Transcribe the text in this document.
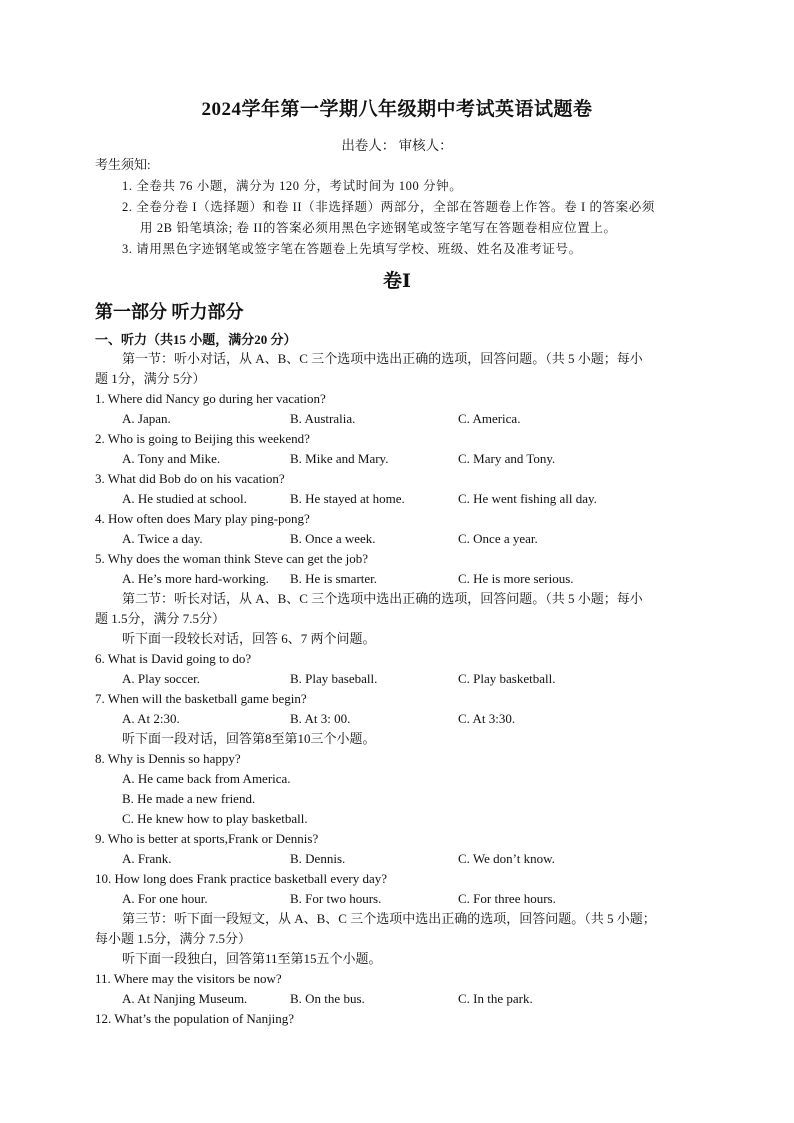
2024学年第一学期八年级期中考试英语试题卷
出卷人： 审核人：
考生须知:
1. 全卷共 76 小题，满分为 120 分，考试时间为 100 分钟。
2. 全卷分卷 I（选择题）和卷 II（非选择题）两部分，全部在答题卷上作答。卷 I 的答案必须
用 2B 铅笔填涂; 卷 II的答案必须用黑色字迹钢笔或签字笔写在答题卷相应位置上。
3. 请用黑色字迹钢笔或签字笔在答题卷上先填写学校、班级、姓名及准考证号。
卷Ⅰ
第一部分 听力部分
一、听力（共15 小题，满分20 分）
第一节：听小对话，从 A、B、C 三个选项中选出正确的选项，回答问题。（共 5 小题；每小
题 1分，满分 5分）
1. Where did Nancy go during her vacation?
A. Japan.	B. Australia.	C. America.
2. Who is going to Beijing this weekend?
A. Tony and Mike.	B. Mike and Mary.	C. Mary and Tony.
3. What did Bob do on his vacation?
A. He studied at school.	B. He stayed at home.	C. He went fishing all day.
4. How often does Mary play ping-pong?
A. Twice a day.	B. Once a week.	C. Once a year.
5. Why does the woman think Steve can get the job?
A. He’s more hard-working. B. He is smarter.	C. He is more serious.
第二节：听长对话，从 A、B、C 三个选项中选出正确的选项，回答问题。（共 5 小题；每小
题 1.5分，满分 7.5分）
听下面一段较长对话，回答 6、7 两个问题。
6. What is David going to do?
A. Play soccer.	B. Play baseball.	C. Play basketball.
7. When will the basketball game begin?
A. At 2:30.	B. At 3: 00.	C. At 3:30.
听下面一段对话，回答第8至第10三个小题。
8. Why is Dennis so happy?
A. He came back from America.
B. He made a new friend.
C. He knew how to play basketball.
9. Who is better at sports,Frank or Dennis?
A. Frank.	B. Dennis.	C. We don’t know.
10. How long does Frank practice basketball every day?
A. For one hour.	B. For two hours.	C. For three hours.
第三节：听下面一段短文，从 A、B、C 三个选项中选出正确的选项，回答问题。（共 5 小题；
每小题 1.5分，满分 7.5分）
听下面一段独白，回答第11至第15五个小题。
11. Where may the visitors be now?
A. At Nanjing Museum.	B. On the bus.	C. In the park.
12. What’s the population of Nanjing?
